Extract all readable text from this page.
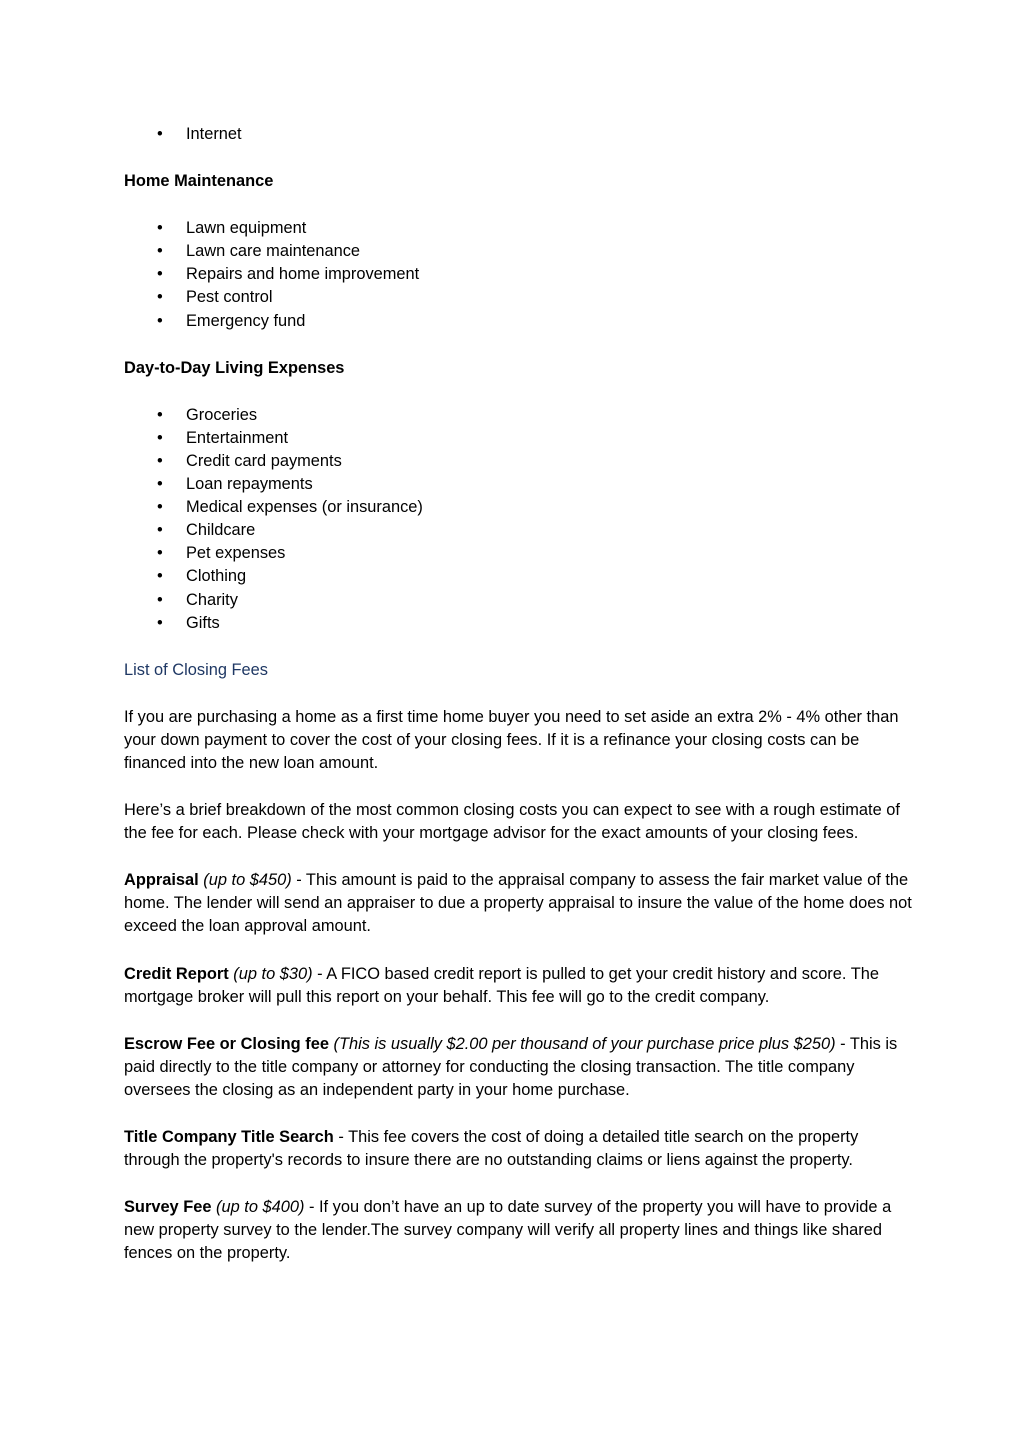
• Internet
Home Maintenance
• Lawn equipment
• Lawn care maintenance
• Repairs and home improvement
• Pest control
• Emergency fund
Day-to-Day Living Expenses
• Groceries
• Entertainment
• Credit card payments
• Loan repayments
• Medical expenses (or insurance)
• Childcare
• Pet expenses
• Clothing
• Charity
• Gifts
List of Closing Fees

If you are purchasing a home as a first time home buyer you need to set aside an extra 2% - 4% other than your down payment to cover the cost of your closing fees. If it is a refinance your closing costs can be financed into the new loan amount.

Here’s a brief breakdown of the most common closing costs you can expect to see with a rough estimate of the fee for each. Please check with your mortgage advisor for the exact amounts of your closing fees.

Appraisal (up to $450) - This amount is paid to the appraisal company to assess the fair market value of the home. The lender will send an appraiser to due a property appraisal to insure the value of the home does not exceed the loan approval amount.

Credit Report (up to $30) - A FICO based credit report is pulled to get your credit history and score. The mortgage broker will pull this report on your behalf. This fee will go to the credit company.

Escrow Fee or Closing fee (This is usually $2.00 per thousand of your purchase price plus $250) - This is paid directly to the title company or attorney for conducting the closing transaction. The title company oversees the closing as an independent party in your home purchase.

Title Company Title Search - This fee covers the cost of doing a detailed title search on the property through the property's records to insure there are no outstanding claims or liens against the property.

Survey Fee (up to $400) - If you don’t have an up to date survey of the property you will have to provide a new property survey to the lender.The survey company will verify all property lines and things like shared fences on the property.
